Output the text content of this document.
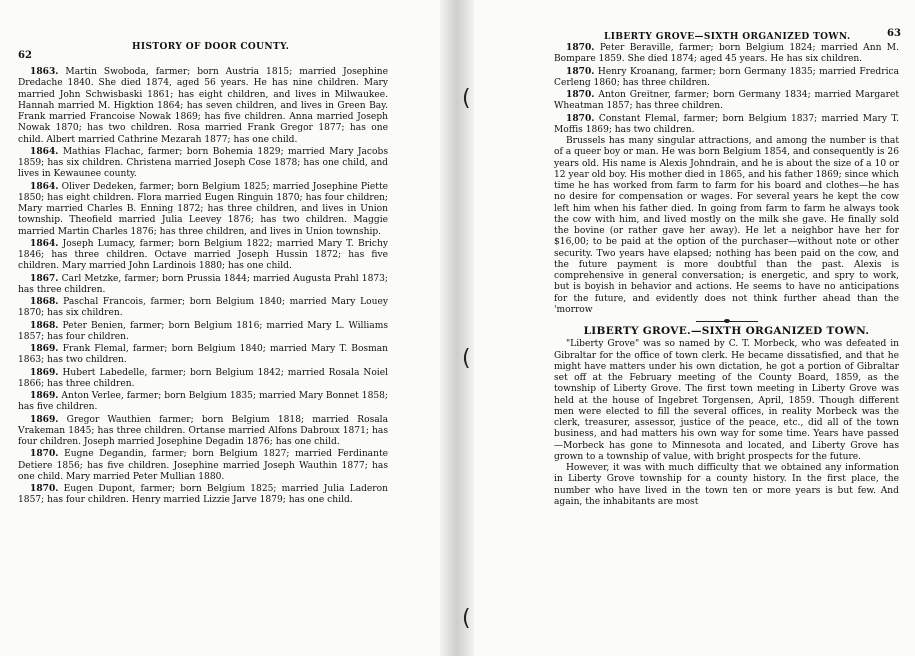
62
HISTORY OF DOOR COUNTY.

1863. Martin Swoboda, farmer; born Austria 1815; married Josephine Dredache 1840. She died 1874, aged 56 years. He has nine children. Mary married John Schwisbaski 1861; has eight children, and lives in Milwaukee. Hannah married M. Higktion 1864; has seven children, and lives in Green Bay. Frank married Francoise Nowak 1869; has five children. Anna married Joseph Nowak 1870; has two children. Rosa married Frank Gregor 1877; has one child. Albert married Cathrine Mezarah 1877; has one child.

1864. Mathias Flachac, farmer; born Bohemia 1829; married Mary Jacobs 1859; has six children. Christena married Joseph Cose 1878; has one child, and lives in Kewaunee county.

1864. Oliver Dedeken, farmer; born Belgium 1825; married Josephine Piette 1850; has eight children. Flora married Eugen Ringuin 1870; has four children; Mary married Charles B. Enning 1872; has three children, and lives in Union township. Theofield married Julia Leevey 1876; has two children. Maggie married Martin Charles 1876; has three children, and lives in Union township.

1864. Joseph Lumacy, farmer; born Belgium 1822; married Mary T. Brichy 1846; has three children. Octave married Joseph Hussin 1872; has five children. Mary married John Lardinois 1880; has one child.

1867. Carl Metzke, farmer; born Prussia 1844; married Augusta Prahl 1873; has three children.

1868. Paschal Francois, farmer; born Belgium 1840; married Mary Louey 1870; has six children.

1868. Peter Benien, farmer; born Belgium 1816; married Mary L. Williams 1857; has four children.

1869. Frank Flemal, farmer; born Belgium 1840; married Mary T. Bosman 1863; has two children.

1869. Hubert Labedelle, farmer; born Belgium 1842; married Rosala Noiel 1866; has three children.

1869. Anton Verlee, farmer; born Belgium 1835; married Mary Bonnet 1858; has five children.

1869. Gregor Wauthien farmer; born Belgium 1818; married Rosala Vrakeman 1845; has three children. Ortanse married Alfons Dabroux 1871; has four children. Joseph married Josephine Degadin 1876; has one child.

1870. Eugne Degandin, farmer; born Belgium 1827; married Ferdinante Detiere 1856; has five children. Josephine married Joseph Wauthin 1877; has one child. Mary married Peter Mullian 1880.

1870. Eugen Dupont, farmer; born Belgium 1825; married Julia Laderon 1857; has four children. Henry married Lizzie Jarve 1879; has one child.

LIBERTY GROVE—SIXTH ORGANIZED TOWN.	63
(
(
(

1870. Peter Beraville, farmer; born Belgium 1824; married Ann M. Bompare 1859. She died 1874; aged 45 years. He has six children.

1870. Henry Kroanang, farmer; born Germany 1835; married Fredrica Cerleng 1860; has three children.

1870. Anton Greitner, farmer; born Germany 1834; married Margaret Wheatman 1857; has three children.

1870. Constant Flemal, farmer; born Belgium 1837; married Mary T. Moffis 1869; has two children.

Brussels has many singular attractions, and among the number is that of a queer boy or man. He was born Belgium 1854, and consequently is 26 years old. His name is Alexis Johndrain, and he is about the size of a 10 or 12 year old boy. His mother died in 1865, and his father 1869; since which time he has worked from farm to farm for his board and clothes—he has no desire for compensation or wages. For several years he kept the cow left him when his father died. In going from farm to farm he always took the cow with him, and lived mostly on the milk she gave. He finally sold the bovine (or rather gave her away). He let a neighbor have her for $16,00; to be paid at the option of the purchaser—without note or other security. Two years have elapsed; nothing has been paid on the cow, and the future payment is more doubtful than the past. Alexis is comprehensive in general conversation; is energetic, and spry to work, but is boyish in behavior and actions. He seems to have no anticipations for the future, and evidently does not think further ahead than the 'morrow

LIBERTY GROVE.—SIXTH ORGANIZED TOWN.

"Liberty Grove" was so named by C. T. Morbeck, who was defeated in Gibraltar for the office of town clerk. He became dissatisfied, and that he might have matters under his own dictation, he got a portion of Gibraltar set off at the February meeting of the County Board, 1859, as the township of Liberty Grove. The first town meeting in Liberty Grove was held at the house of Ingebret Torgensen, April, 1859. Though different men were elected to fill the several offices, in reality Morbeck was the clerk, treasurer, assessor, justice of the peace, etc., did all of the town business, and had matters his own way for some time. Years have passed—Morbeck has gone to Minnesota and located, and Liberty Grove has grown to a township of value, with bright prospects for the future.

However, it was with much difficulty that we obtained any information in Liberty Grove township for a county history. In the first place, the number who have lived in the town ten or more years is but few. And again, the inhabitants are most
